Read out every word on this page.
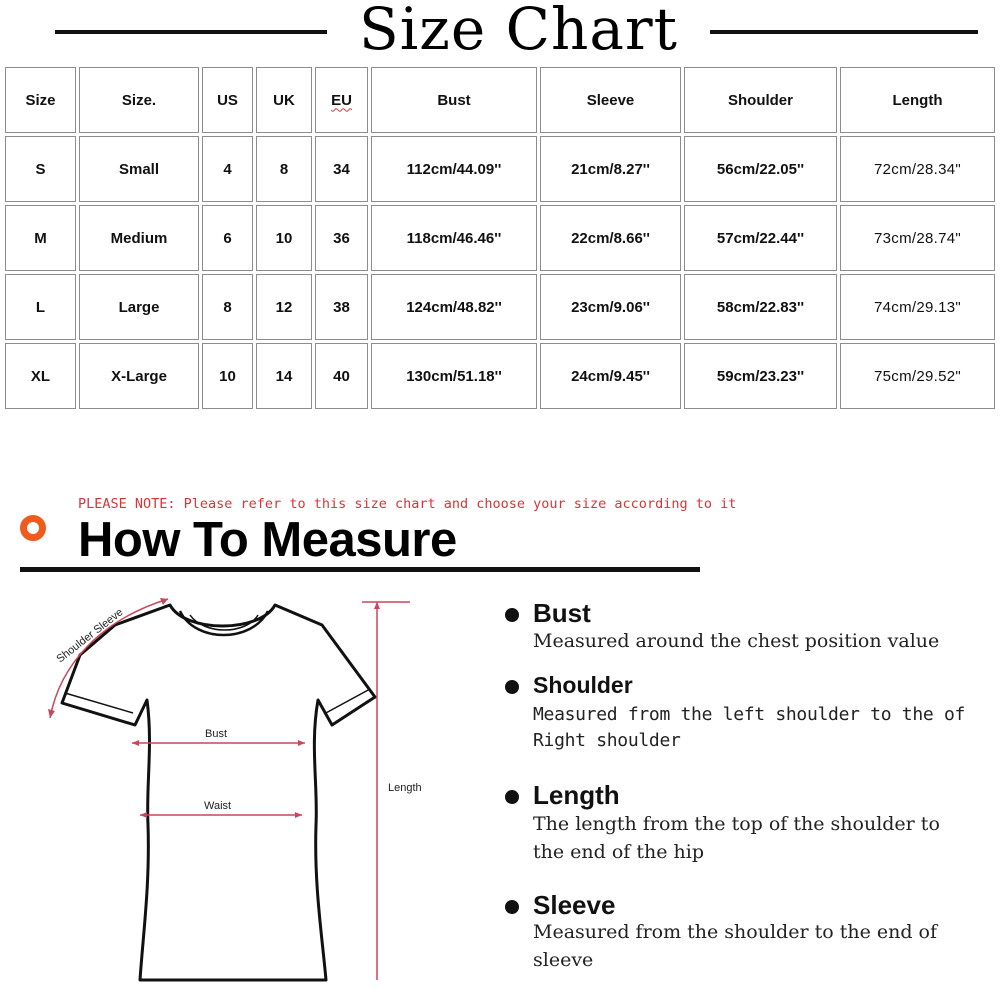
Size Chart
Size	Size.	US	UK	EU	Bust	Sleeve	Shoulder	Length
S	Small	4	8	34	112cm/44.09''	21cm/8.27''	56cm/22.05''	72cm/28.34"
M	Medium	6	10	36	118cm/46.46''	22cm/8.66''	57cm/22.44''	73cm/28.74"
L	Large	8	12	38	124cm/48.82''	23cm/9.06''	58cm/22.83''	74cm/29.13"
XL	X-Large	10	14	40	130cm/51.18''	24cm/9.45''	59cm/23.23''	75cm/29.52"
PLEASE NOTE: Please refer to this size chart and choose your size according to it
How To Measure
Shoulder Sleeve
Bust
Waist
Length
Bust
Measured around the chest position value
Shoulder
Measured from the left shoulder to the of Right shoulder
Length
The length from the top of the shoulder to the end of the hip
Sleeve
Measured from the shoulder to the end of sleeve
